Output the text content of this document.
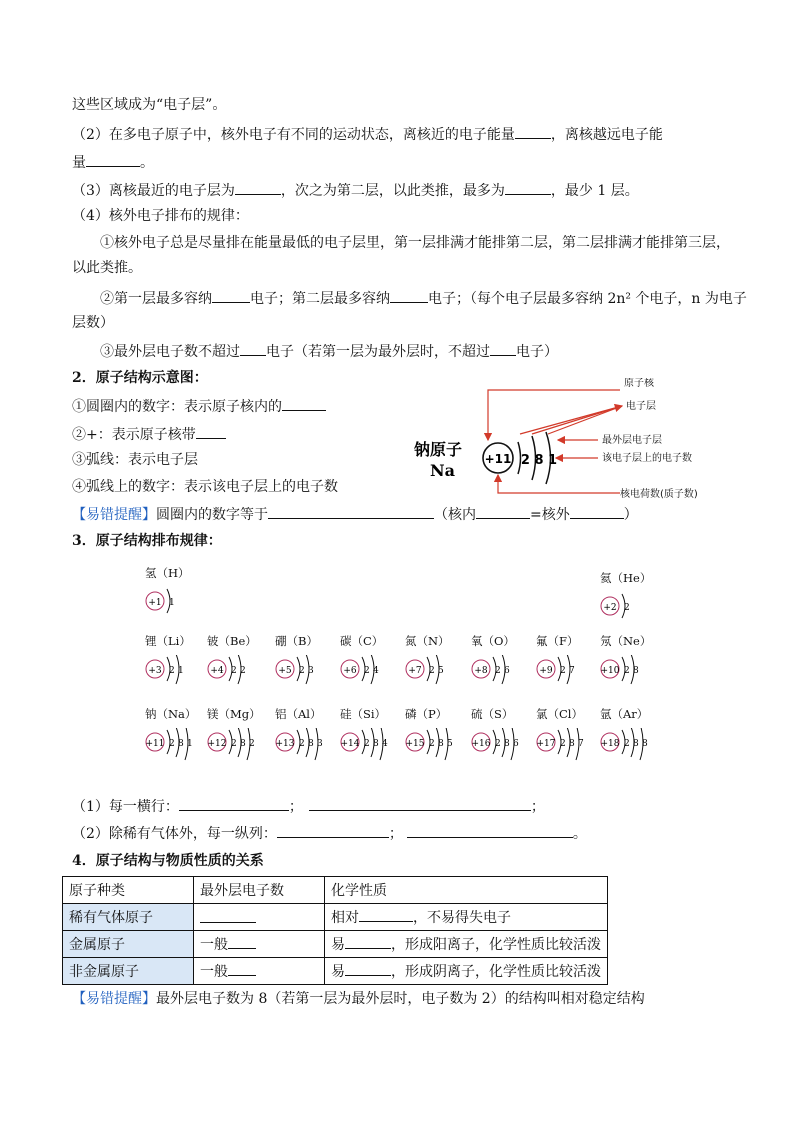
这些区域成为“电子层”。
（2）在多电子原子中，核外电子有不同的运动状态，离核近的电子能量	，离核越远电子能
量	。
（3）离核最近的电子层为	，次之为第二层，以此类推，最多为	，最少 1 层。
（4）核外电子排布的规律：
①核外电子总是尽量排在能量最低的电子层里，第一层排满才能排第二层，第二层排满才能排第三层，
以此类推。
②第一层最多容纳	电子；第二层最多容纳	电子；（每个电子层最多容纳 2n² 个电子，n 为电子
层数）
③最外层电子数不超过 电子（若第一层为最外层时，不超过 电子）
2．原子结构示意图：
①圆圈内的数字：表示原子核内的
②+：表示原子核带
③弧线：表示电子层
④弧线上的数字：表示该电子层上的电子数
钠原子
Na
+11 2 8 1
原子核
电子层
最外层电子层
该电子层上的电子数
核电荷数(质子数)
【易错提醒】圆圈内的数字等于	（核内	=核外	）
3．原子结构排布规律：
氢（H）
+1 1
氦（He）
+2 2
锂（Li）
+3 2 1
铍（Be）
+4 2 2
硼（B）
+5 2 3
碳（C）
+6 2 4
氮（N）
+7 2 5
氧（O）
+8 2 6
氟（F）
+9 2 7
氖（Ne）
+10 2 8
钠（Na）
+11 2 8 1
镁（Mg）
+12 2 8 2
铝（Al）
+13 2 8 3
硅（Si）
+14 2 8 4
磷（P）
+15 2 8 5
硫（S）
+16 2 8 6
氯（Cl）
+17 2 8 7
氩（Ar）
+18 2 8 8
（1）每一横行：	；	；
（2）除稀有气体外，每一纵列：	；	。
4．原子结构与物质性质的关系
原子种类	最外层电子数	化学性质
稀有气体原子		相对 ，不易得失电子
金属原子	一般	易 ，形成阳离子，化学性质比较活泼
非金属原子	一般	易 ，形成阴离子，化学性质比较活泼
【易错提醒】最外层电子数为 8（若第一层为最外层时，电子数为 2）的结构叫相对稳定结构
